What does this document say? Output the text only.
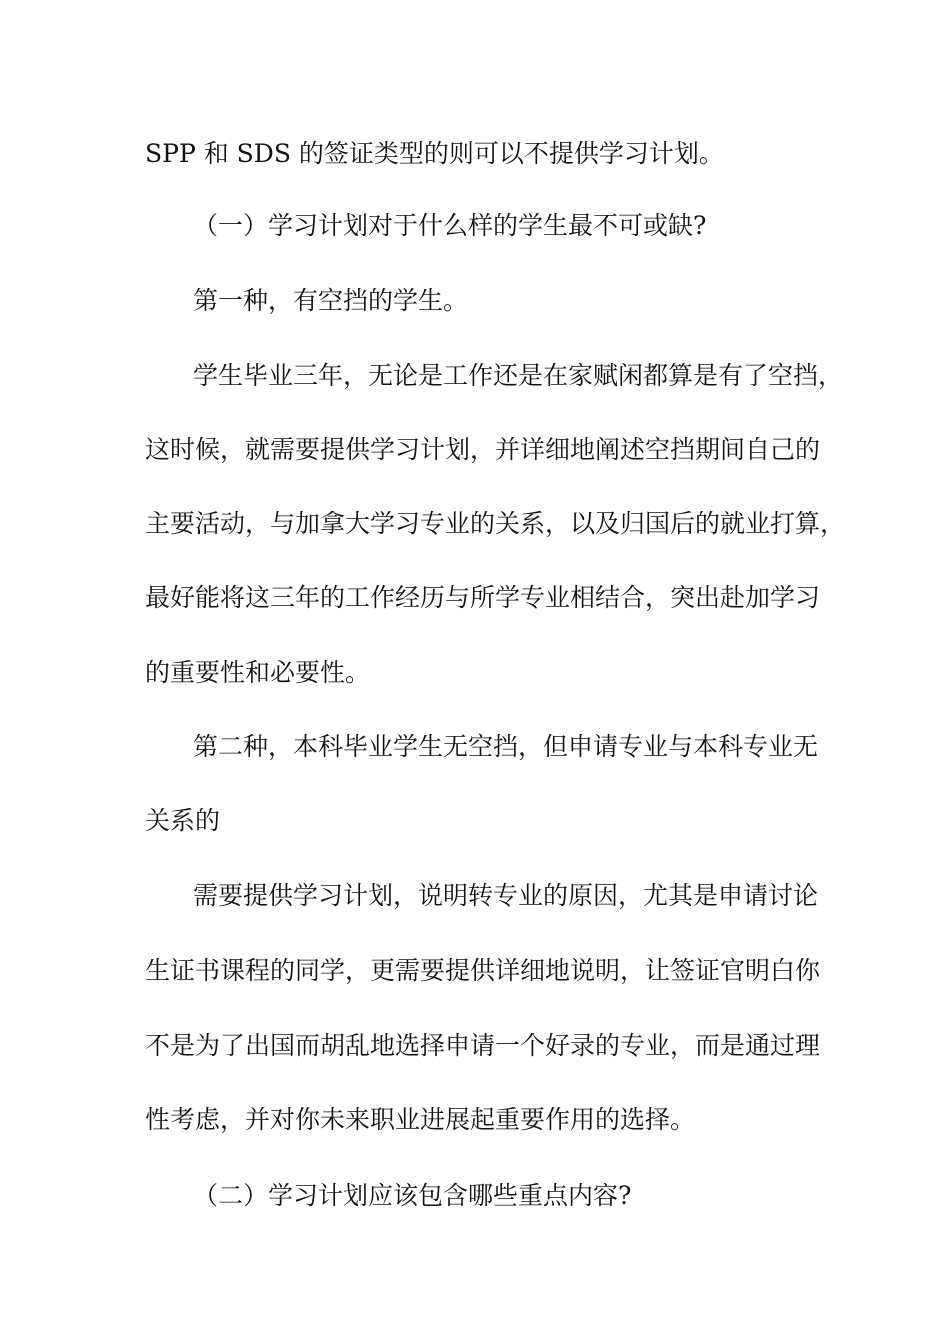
SPP 和 SDS 的签证类型的则可以不提供学习计划。
（一）学习计划对于什么样的学生最不可或缺?
第一种，有空挡的学生。
学生毕业三年，无论是工作还是在家赋闲都算是有了空挡，
这时候，就需要提供学习计划，并详细地阐述空挡期间自己的
主要活动，与加拿大学习专业的关系，以及归国后的就业打算，
最好能将这三年的工作经历与所学专业相结合，突出赴加学习
的重要性和必要性。
第二种，本科毕业学生无空挡，但申请专业与本科专业无
关系的
需要提供学习计划，说明转专业的原因，尤其是申请讨论
生证书课程的同学，更需要提供详细地说明，让签证官明白你
不是为了出国而胡乱地选择申请一个好录的专业，而是通过理
性考虑，并对你未来职业进展起重要作用的选择。
（二）学习计划应该包含哪些重点内容?
